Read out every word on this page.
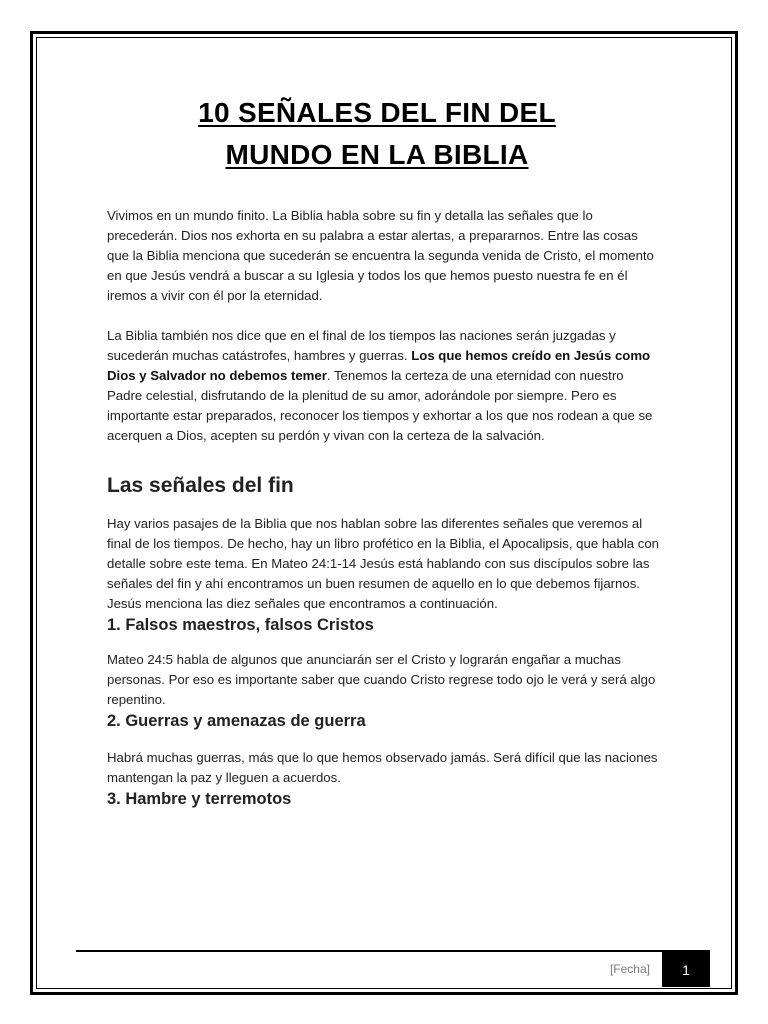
10 SEÑALES DEL FIN DEL
MUNDO EN LA BIBLIA

Vivimos en un mundo finito. La Biblia habla sobre su fin y detalla las señales que lo precederán. Dios nos exhorta en su palabra a estar alertas, a prepararnos. Entre las cosas que la Biblia menciona que sucederán se encuentra la segunda venida de Cristo, el momento en que Jesús vendrá a buscar a su Iglesia y todos los que hemos puesto nuestra fe en él iremos a vivir con él por la eternidad.

La Biblia también nos dice que en el final de los tiempos las naciones serán juzgadas y sucederán muchas catástrofes, hambres y guerras. Los que hemos creído en Jesús como Dios y Salvador no debemos temer. Tenemos la certeza de una eternidad con nuestro Padre celestial, disfrutando de la plenitud de su amor, adorándole por siempre. Pero es importante estar preparados, reconocer los tiempos y exhortar a los que nos rodean a que se acerquen a Dios, acepten su perdón y vivan con la certeza de la salvación.

Las señales del fin

Hay varios pasajes de la Biblia que nos hablan sobre las diferentes señales que veremos al final de los tiempos. De hecho, hay un libro profético en la Biblia, el Apocalipsis, que habla con detalle sobre este tema. En Mateo 24:1-14 Jesús está hablando con sus discípulos sobre las señales del fin y ahí encontramos un buen resumen de aquello en lo que debemos fijarnos. Jesús menciona las diez señales que encontramos a continuación.

1. Falsos maestros, falsos Cristos

Mateo 24:5 habla de algunos que anunciarán ser el Cristo y lograrán engañar a muchas personas. Por eso es importante saber que cuando Cristo regrese todo ojo le verá y será algo repentino.

2. Guerras y amenazas de guerra

Habrá muchas guerras, más que lo que hemos observado jamás. Será difícil que las naciones mantengan la paz y lleguen a acuerdos.

3. Hambre y terremotos
[Fecha]	1
